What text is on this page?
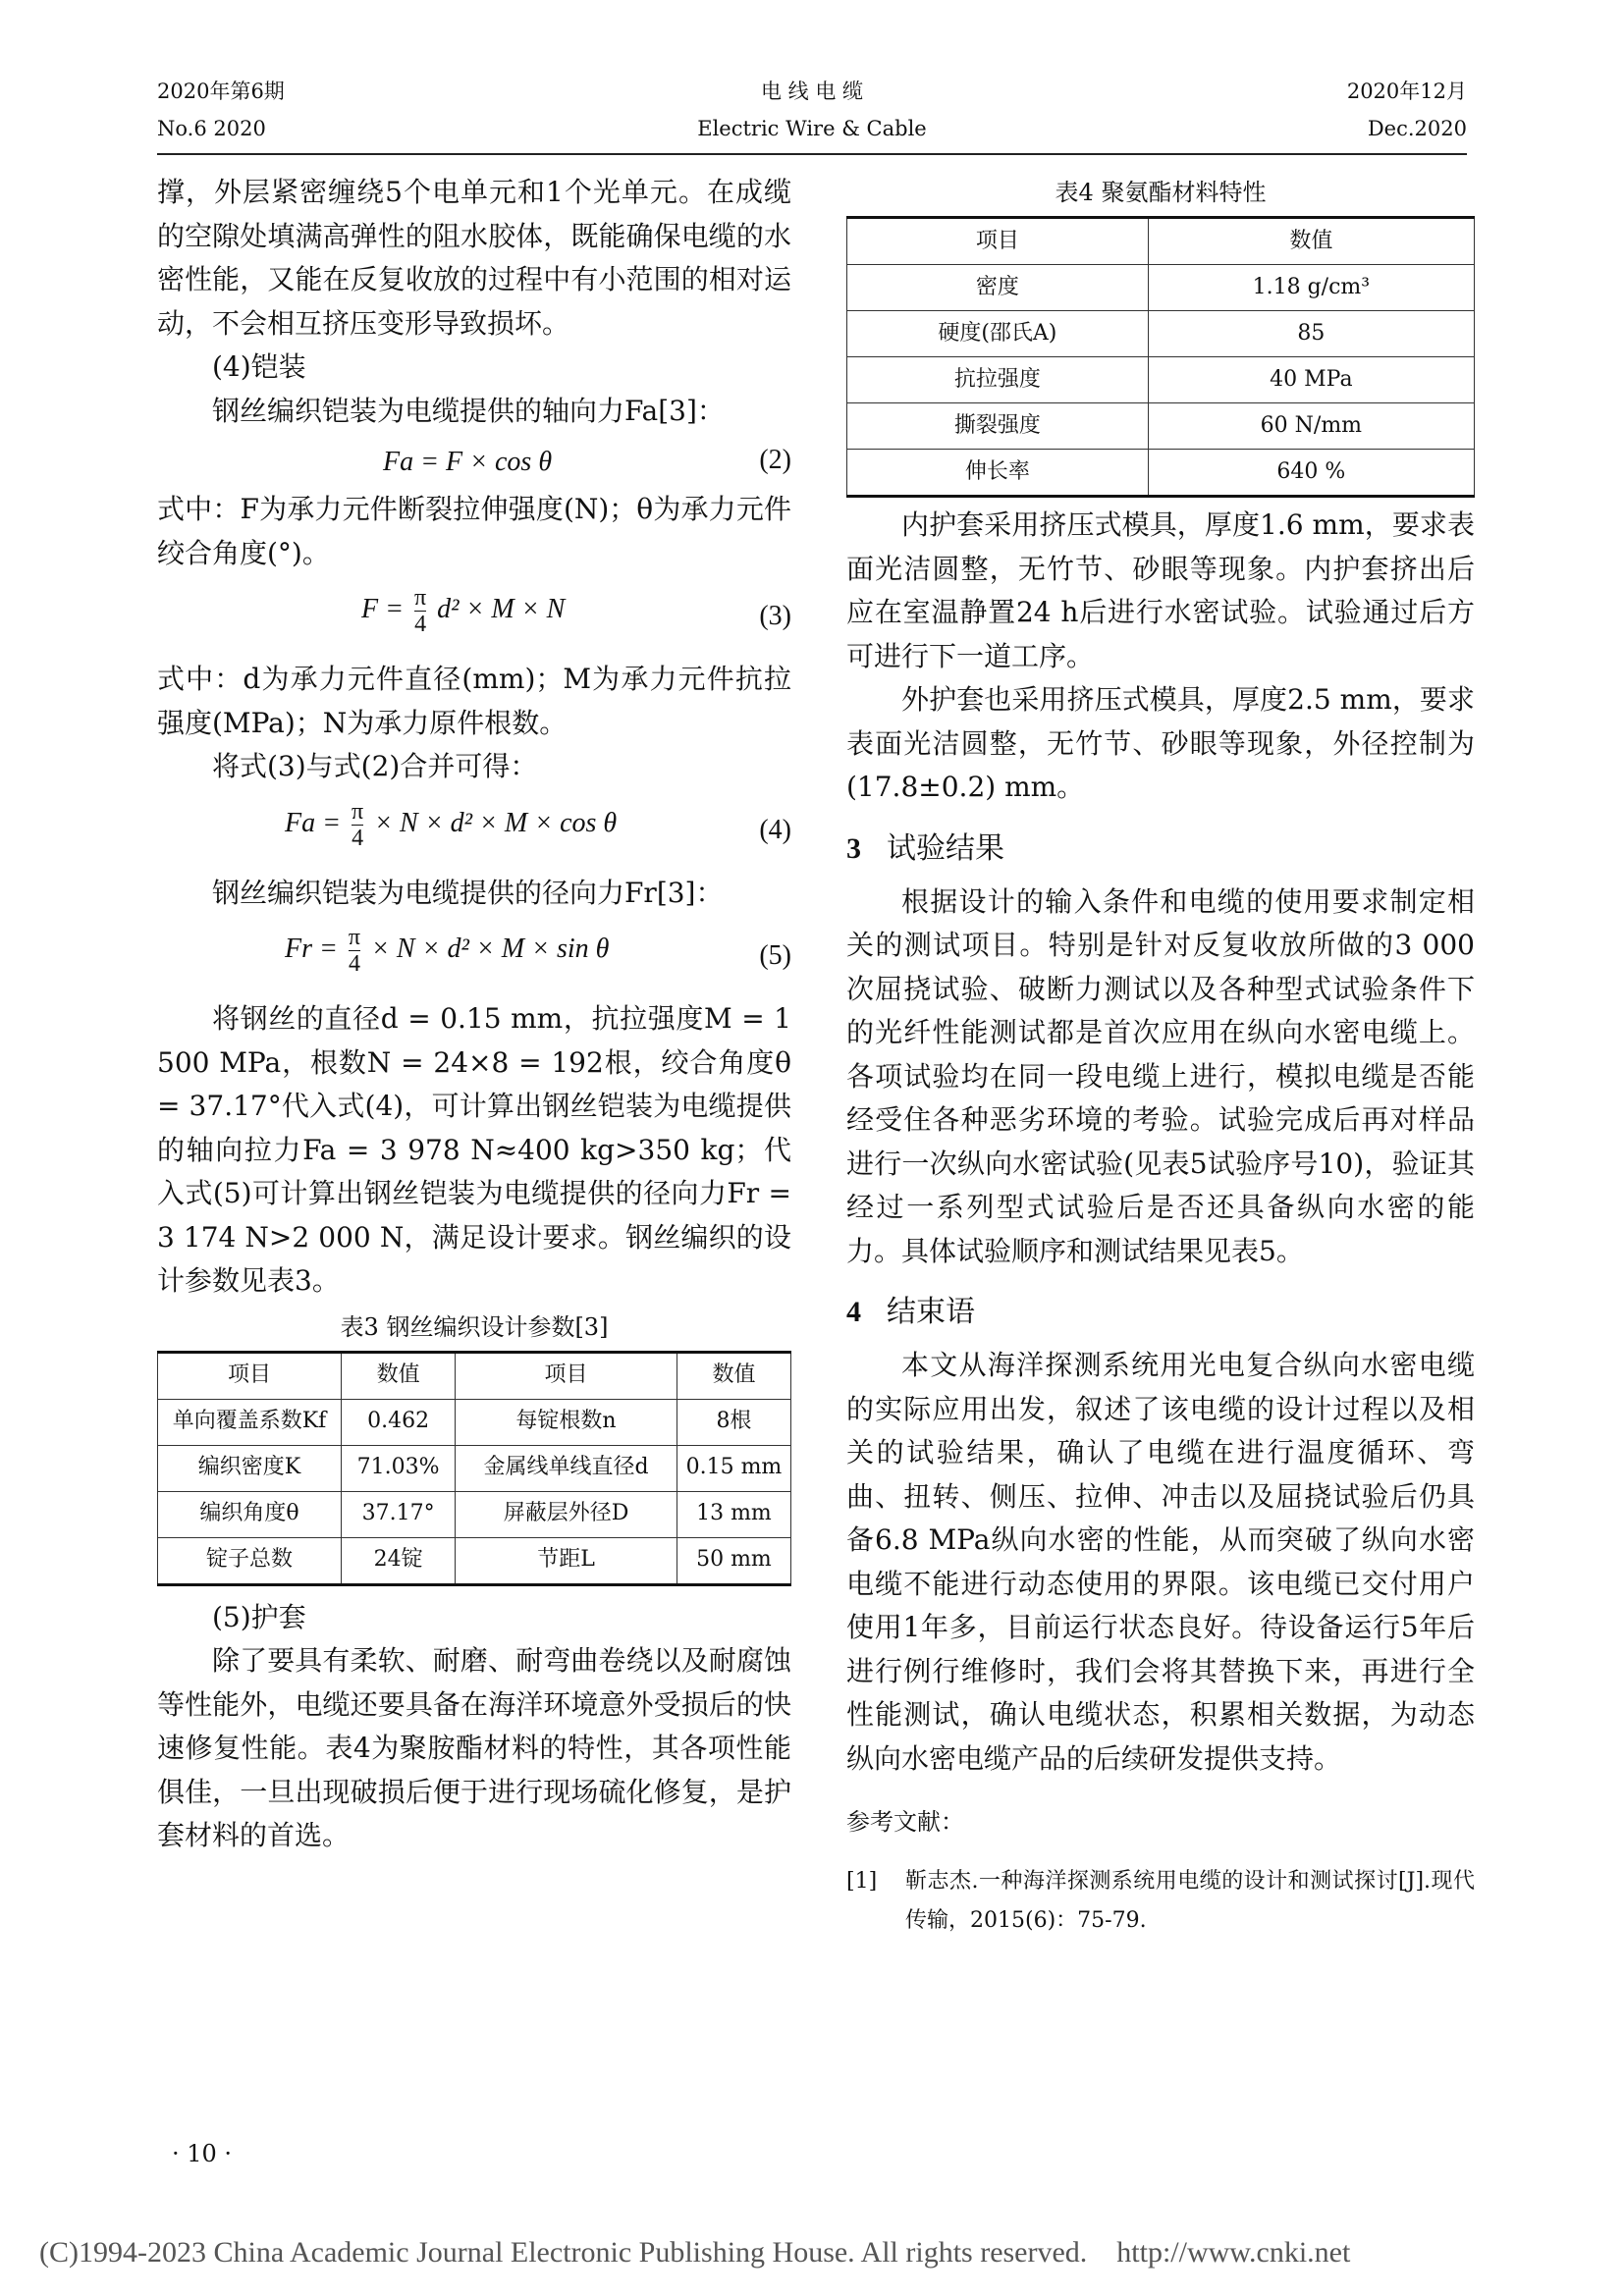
2020年第6期
No.6 2020
电 线 电 缆
Electric Wire & Cable
2020年12月
Dec.2020

撑，外层紧密缠绕5个电单元和1个光单元。在成缆的空隙处填满高弹性的阻水胶体，既能确保电缆的水密性能，又能在反复收放的过程中有小范围的相对运动，不会相互挤压变形导致损坏。

(4)铠装

钢丝编织铠装为电缆提供的轴向力Fa[3]：

Fa = F × cos θ	(2)

式中：F为承力元件断裂拉伸强度(N)；θ为承力元件绞合角度(°)。

$F = \frac{\pi}{4} d^2 \times M \times N$	(3)

式中：d为承力元件直径(mm)；M为承力元件抗拉强度(MPa)；N为承力原件根数。

将式(3)与式(2)合并可得：

$Fa = \frac{\pi}{4} \times N \times d^2 \times M \times \cos \theta$	(4)

钢丝编织铠装为电缆提供的径向力Fr[3]：

$Fr = \frac{\pi}{4} \times N \times d^2 \times M \times \sin \theta$	(5)

将钢丝的直径d = 0.15 mm，抗拉强度M = 1 500 MPa，根数N = 24×8 = 192根，绞合角度θ = 37.17°代入式(4)，可计算出钢丝铠装为电缆提供的轴向拉力Fa = 3 978 N≈400 kg>350 kg；代入式(5)可计算出钢丝铠装为电缆提供的径向力Fr = 3 174 N>2 000 N，满足设计要求。钢丝编织的设计参数见表3。

表3 钢丝编织设计参数[3]
项目	数值	项目	数值
单向覆盖系数Kf	0.462	每锭根数n	8根
编织密度K	71.03%	金属线单线直径d	0.15 mm
编织角度θ	37.17°	屏蔽层外径D	13 mm
锭子总数	24锭	节距L	50 mm

(5)护套

除了要具有柔软、耐磨、耐弯曲卷绕以及耐腐蚀等性能外，电缆还要具备在海洋环境意外受损后的快速修复性能。表4为聚胺酯材料的特性，其各项性能俱佳，一旦出现破损后便于进行现场硫化修复，是护套材料的首选。

表4 聚氨酯材料特性
项目	数值
密度	1.18 g/cm³
硬度(邵氏A)	85
抗拉强度	40 MPa
撕裂强度	60 N/mm
伸长率	640 %

内护套采用挤压式模具，厚度1.6 mm，要求表面光洁圆整，无竹节、砂眼等现象。内护套挤出后应在室温静置24 h后进行水密试验。试验通过后方可进行下一道工序。

外护套也采用挤压式模具，厚度2.5 mm，要求表面光洁圆整，无竹节、砂眼等现象，外径控制为(17.8±0.2) mm。

3 试验结果

根据设计的输入条件和电缆的使用要求制定相关的测试项目。特别是针对反复收放所做的3 000次屈挠试验、破断力测试以及各种型式试验条件下的光纤性能测试都是首次应用在纵向水密电缆上。各项试验均在同一段电缆上进行，模拟电缆是否能经受住各种恶劣环境的考验。试验完成后再对样品进行一次纵向水密试验(见表5试验序号10)，验证其经过一系列型式试验后是否还具备纵向水密的能力。具体试验顺序和测试结果见表5。

4 结束语

本文从海洋探测系统用光电复合纵向水密电缆的实际应用出发，叙述了该电缆的设计过程以及相关的试验结果，确认了电缆在进行温度循环、弯曲、扭转、侧压、拉伸、冲击以及屈挠试验后仍具备6.8 MPa纵向水密的性能，从而突破了纵向水密电缆不能进行动态使用的界限。该电缆已交付用户使用1年多，目前运行状态良好。待设备运行5年后进行例行维修时，我们会将其替换下来，再进行全性能测试，确认电缆状态，积累相关数据，为动态纵向水密电缆产品的后续研发提供支持。

参考文献：
[1]	靳志杰.一种海洋探测系统用电缆的设计和测试探讨[J].现代传输，2015(6)：75-79.
· 10 ·
(C)1994-2023 China Academic Journal Electronic Publishing House. All rights reserved.    http://www.cnki.net
